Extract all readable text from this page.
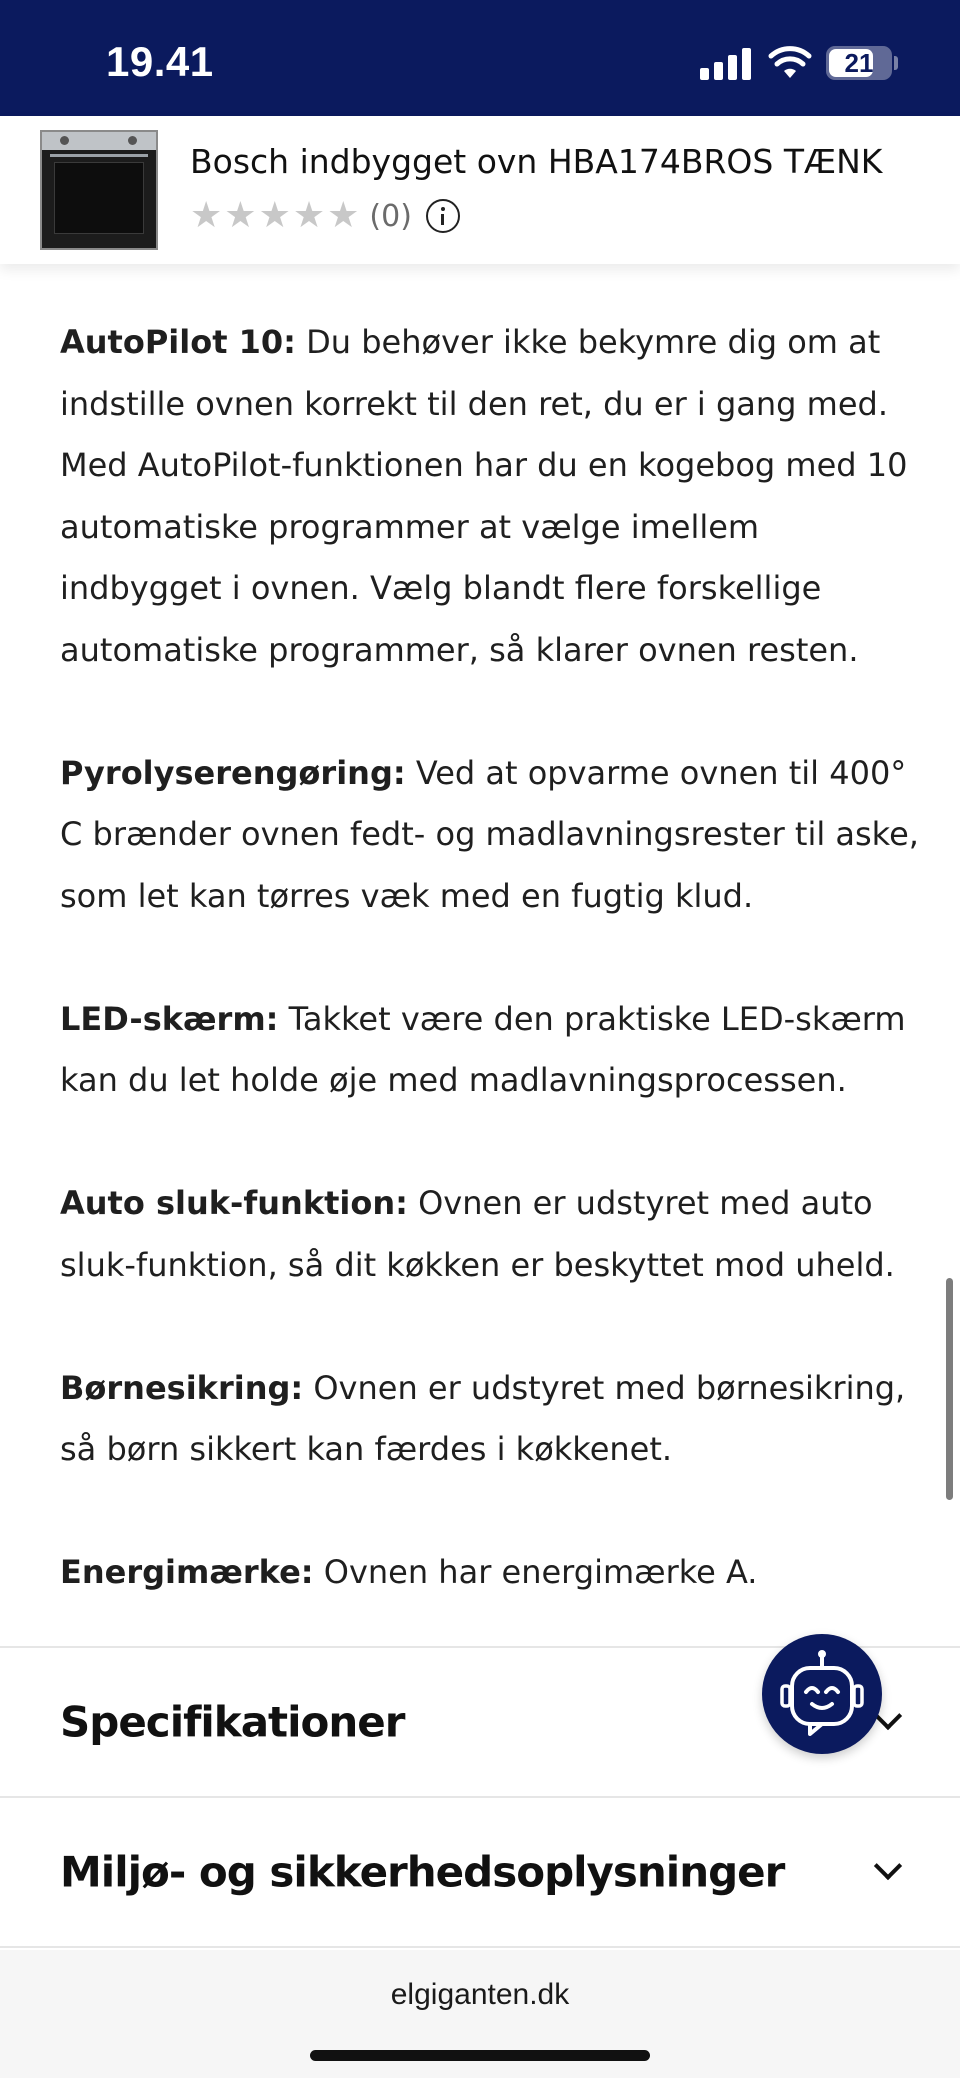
19.41	21
Bosch indbygget ovn HBA174BROS TÆNK
★ ★ ★ ★ ★ (0)

AutoPilot 10: Du behøver ikke bekymre dig om at indstille ovnen korrekt til den ret, du er i gang med. Med AutoPilot-funktionen har du en kogebog med 10 automatiske programmer at vælge imellem indbygget i ovnen. Vælg blandt flere forskellige automatiske programmer, så klarer ovnen resten.

Pyrolyserengøring: Ved at opvarme ovnen til 400° C brænder ovnen fedt- og madlavningsrester til aske, som let kan tørres væk med en fugtig klud.

LED-skærm: Takket være den praktiske LED-skærm kan du let holde øje med madlavningsprocessen.

Auto sluk-funktion: Ovnen er udstyret med auto sluk-funktion, så dit køkken er beskyttet mod uheld.

Børnesikring: Ovnen er udstyret med børnesikring, så børn sikkert kan færdes i køkkenet.

Energimærke: Ovnen har energimærke A.

Specifikationer
Miljø- og sikkerhedsoplysninger
elgiganten.dk
